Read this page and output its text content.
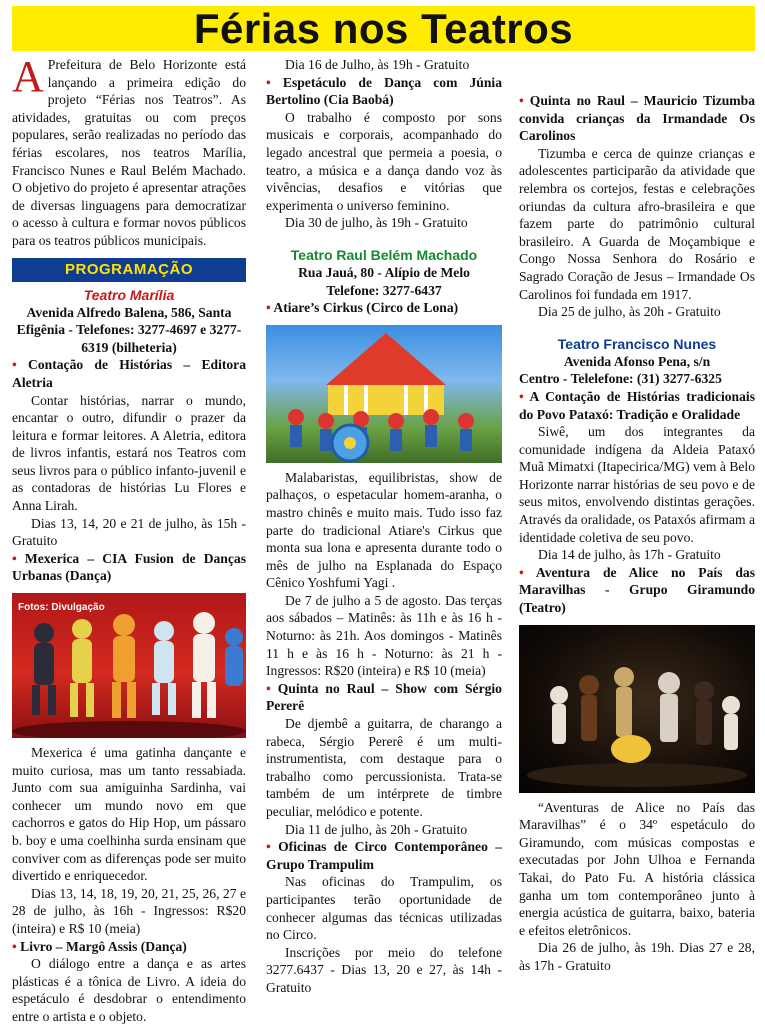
Férias nos Teatros

A Prefeitura de Belo Horizonte está lançando a primeira edição do projeto “Férias nos Teatros”. As atividades, gratuitas ou com preços populares, serão realizadas no período das férias escolares, nos teatros Marília, Francisco Nunes e Raul Belém Machado. O objetivo do projeto é apresentar atrações de diversas linguagens para democratizar o acesso à cultura e formar novos públicos para os teatros públicos municipais.

PROGRAMAÇÃO
Teatro Marília
Avenida Alfredo Balena, 586, Santa Efigênia - Telefones: 3277-4697 e 3277-6319 (bilheteria)

• Contação de Histórias – Editora Aletria

Contar histórias, narrar o mundo, encantar o outro, difundir o prazer da leitura e formar leitores. A Aletria, editora de livros infantis, estará nos Teatros com seus livros para o público infanto-juvenil e as contadoras de histórias Lu Flores e Anna Lirah.

Dias 13, 14, 20 e 21 de julho, às 15h - Gratuito

• Mexerica – CIA Fusion de Danças Urbanas (Dança)

Fotos: Divulgação

Mexerica é uma gatinha dançante e muito curiosa, mas um tanto ressabiada. Junto com sua amiguinha Sardinha, vai conhecer um mundo novo em que cachorros e gatos do Hip Hop, um pássaro b. boy e uma coelhinha surda ensinam que conviver com as diferenças pode ser muito divertido e enriquecedor.

Dias 13, 14, 18, 19, 20, 21, 25, 26, 27 e 28 de julho, às 16h - Ingressos: R$20 (inteira) e R$ 10 (meia)

• Livro – Margô Assis (Dança)

O diálogo entre a dança e as artes plásticas é a tônica de Livro. A ideia do espetáculo é desdobrar o entendimento entre o artista e o objeto.

Dia 16 de Julho, às 19h - Gratuito

• Espetáculo de Dança com Júnia Bertolino (Cia Baobá)

O trabalho é composto por sons musicais e corporais, acompanhado do legado ancestral que permeia a poesia, o teatro, a música e a dança dando voz às vivências, desafios e vitórias que experimenta o universo feminino.

Dia 30 de julho, às 19h - Gratuito

Teatro Raul Belém Machado
Rua Jauá, 80 - Alípio de Melo
Telefone: 3277-6437

• Atiare’s Cirkus (Circo de Lona)

Malabaristas, equilibristas, show de palhaços, o espetacular homem-aranha, o mastro chinês e muito mais. Tudo isso faz parte do tradicional Atiare's Cirkus que monta sua lona e apresenta durante todo o mês de julho na Esplanada do Espaço Cênico Yoshfumi Yagi .

De 7 de julho a 5 de agosto. Das terças aos sábados – Matinês: às 11h e às 16 h - Noturno: às 21h. Aos domingos - Matinês 11 h e às 16 h - Noturno: às 21 h - Ingressos: R$20 (inteira) e R$ 10 (meia)

• Quinta no Raul – Show com Sérgio Pererê

De djembê a guitarra, de charango a rabeca, Sérgio Pererê é um multi-instrumentista, com destaque para o trabalho como percussionista. Trata-se também de um intérprete de timbre peculiar, melódico e potente.

Dia 11 de julho, às 20h - Gratuito

• Oficinas de Circo Contemporâneo – Grupo Trampulim

Nas oficinas do Trampulim, os participantes terão oportunidade de conhecer algumas das técnicas utilizadas no Circo.

Inscrições por meio do telefone 3277.6437 - Dias 13, 20 e 27, às 14h - Gratuito

• Quinta no Raul – Mauricio Tizumba convida crianças da Irmandade Os Carolinos

Tizumba e cerca de quinze crianças e adolescentes participarão da atividade que relembra os cortejos, festas e celebrações oriundas da cultura afro-brasileira e que fazem parte do patrimônio cultural brasileiro. A Guarda de Moçambique e Congo Nossa Senhora do Rosário e Sagrado Coração de Jesus – Irmandade Os Carolinos foi fundada em 1917.

Dia 25 de julho, às 20h - Gratuito

Teatro Francisco Nunes
Avenida Afonso Pena, s/n
Centro - Telelefone: (31) 3277-6325

• A Contação de Histórias tradicionais do Povo Pataxó: Tradição e Oralidade

Siwê, um dos integrantes da comunidade indígena da Aldeia Pataxó Muã Mimatxi (Itapecirica/MG) vem à Belo Horizonte narrar histórias de seu povo e de seus mitos, envolvendo distintas gerações. Através da oralidade, os Pataxós afirmam a identidade coletiva de seu povo.

Dia 14 de julho, às 17h - Gratuito

• Aventura de Alice no País das Maravilhas - Grupo Giramundo (Teatro)

“Aventuras de Alice no País das Maravilhas” é o 34º espetáculo do Giramundo, com músicas compostas e executadas por John Ulhoa e Fernanda Takai, do Pato Fu. A história clássica ganha um tom contemporâneo junto à energia acústica de guitarra, baixo, bateria e efeitos eletrônicos.

Dia 26 de julho, às 19h. Dias 27 e 28, às 17h - Gratuito
